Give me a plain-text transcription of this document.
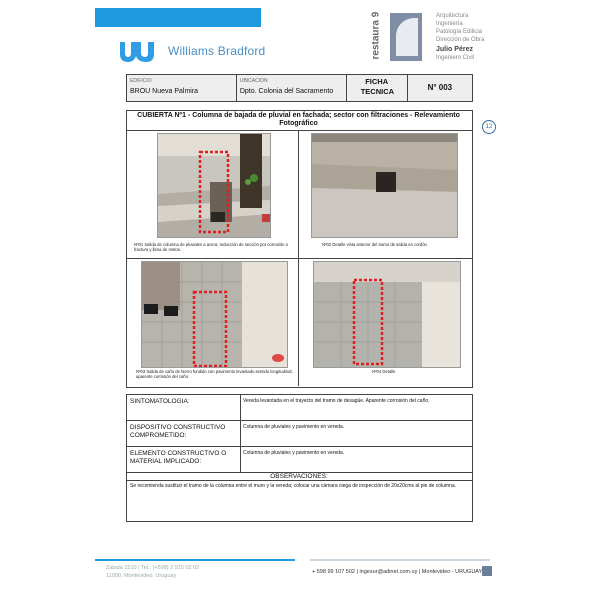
Williams Bradford	restaura 9	Arquitectura
Ingeniería
Patología Edilicia
Dirección de Obra
Julio Pérez
Ingeniero Civil
EDIFICIO
BROU Nueva Palmira
UBICACION
Dpto. Colonia del Sacramento
FICHA TECNICA	N° 003
CUBIERTA Nº1 - Columna de bajada de pluvial en fachada; sector con filtraciones - Relevamiento Fotográfico	12
Nº01 Salida de columna de pluviales a acera: reducción de sección por corrosión o fractura y llena de restos.
Nº02 Detalle vista anterior del tramo de salida en cordón.
Nº03 Salida de caño de hierro fundido con pavimento levantado sentido longitudinal; aparente corrosión del caño.
Nº04 Detalle
SINTOMATOLOGIA:	Vereda levantada en el trayecto del tramo de desagüe. Aparente corrosión del caño.
DISPOSITIVO CONSTRUCTIVO COMPROMETIDO:
Columna de pluviales y pavimento en vereda.
ELEMENTO CONSTRUCTIVO O MATERIAL IMPLICADO:
Columna de pluviales y pavimento en vereda.
OBSERVACIONES:
Se recomienda sustituir el tramo de la columna entre el muro y la vereda; colocar una cámara ciega de inspección de 20x20cms al pie de columna.
Zabala 1510 | Tel.: (+598) 2 915 02 02
11000, Montevideo. Uruguay
+ 598 99 107 502 | ingesur@adinet.com.uy | Montevideo - URUGUAY
